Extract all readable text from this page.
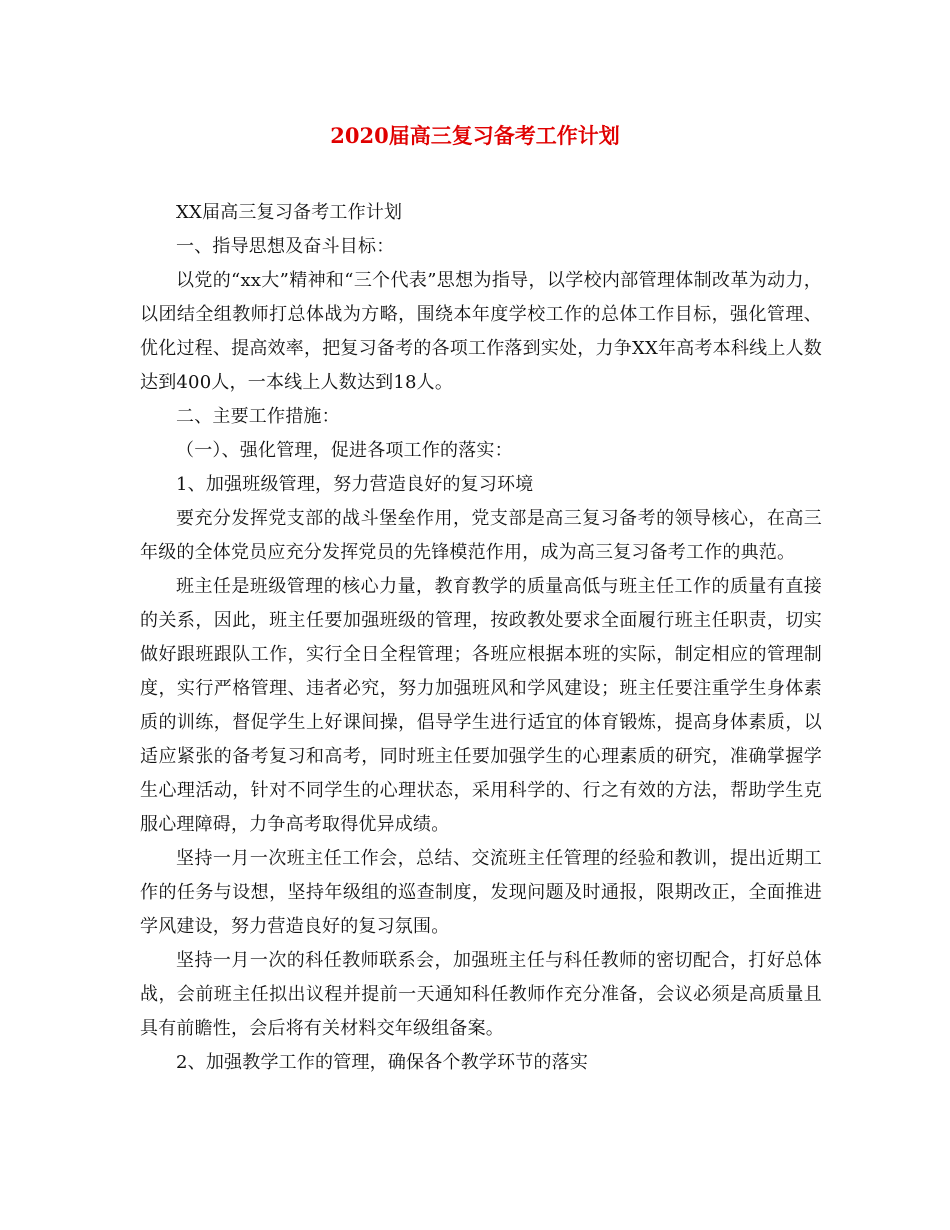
2020届高三复习备考工作计划

XX届高三复习备考工作计划

一、指导思想及奋斗目标：

以党的“xx大”精神和“三个代表”思想为指导，以学校内部管理体制改革为动力，以团结全组教师打总体战为方略，围绕本年度学校工作的总体工作目标，强化管理、优化过程、提高效率，把复习备考的各项工作落到实处，力争XX年高考本科线上人数达到400人，一本线上人数达到18人。

二、主要工作措施：

（一）、强化管理，促进各项工作的落实：

1、加强班级管理，努力营造良好的复习环境

要充分发挥党支部的战斗堡垒作用，党支部是高三复习备考的领导核心，在高三年级的全体党员应充分发挥党员的先锋模范作用，成为高三复习备考工作的典范。

班主任是班级管理的核心力量，教育教学的质量高低与班主任工作的质量有直接的关系，因此，班主任要加强班级的管理，按政教处要求全面履行班主任职责，切实做好跟班跟队工作，实行全日全程管理；各班应根据本班的实际，制定相应的管理制度，实行严格管理、违者必究，努力加强班风和学风建设；班主任要注重学生身体素质的训练，督促学生上好课间操，倡导学生进行适宜的体育锻炼，提高身体素质，以适应紧张的备考复习和高考，同时班主任要加强学生的心理素质的研究，准确掌握学生心理活动，针对不同学生的心理状态，采用科学的、行之有效的方法，帮助学生克服心理障碍，力争高考取得优异成绩。

坚持一月一次班主任工作会，总结、交流班主任管理的经验和教训，提出近期工作的任务与设想，坚持年级组的巡查制度，发现问题及时通报，限期改正，全面推进学风建设，努力营造良好的复习氛围。

坚持一月一次的科任教师联系会，加强班主任与科任教师的密切配合，打好总体战，会前班主任拟出议程并提前一天通知科任教师作充分准备，会议必须是高质量且具有前瞻性，会后将有关材料交年级组备案。

2、加强教学工作的管理，确保各个教学环节的落实
